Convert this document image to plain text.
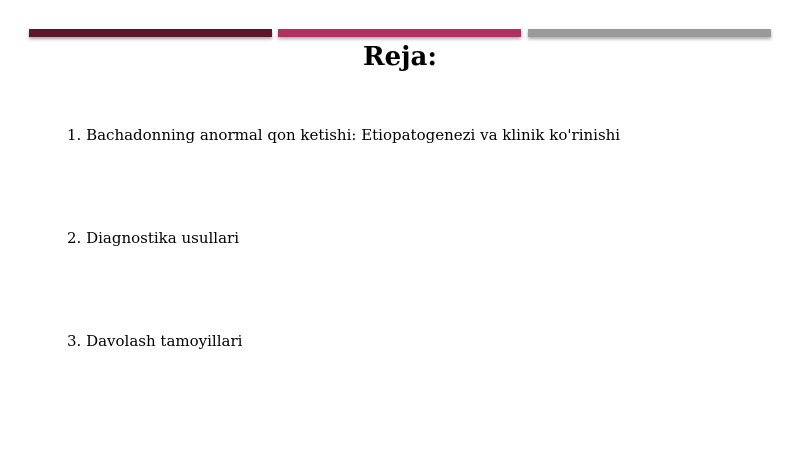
Reja:
1. Bachadonning anormal qon ketishi: Etiopatogenezi va klinik ko'rinishi
2. Diagnostika usullari
3. Davolash tamoyillari
